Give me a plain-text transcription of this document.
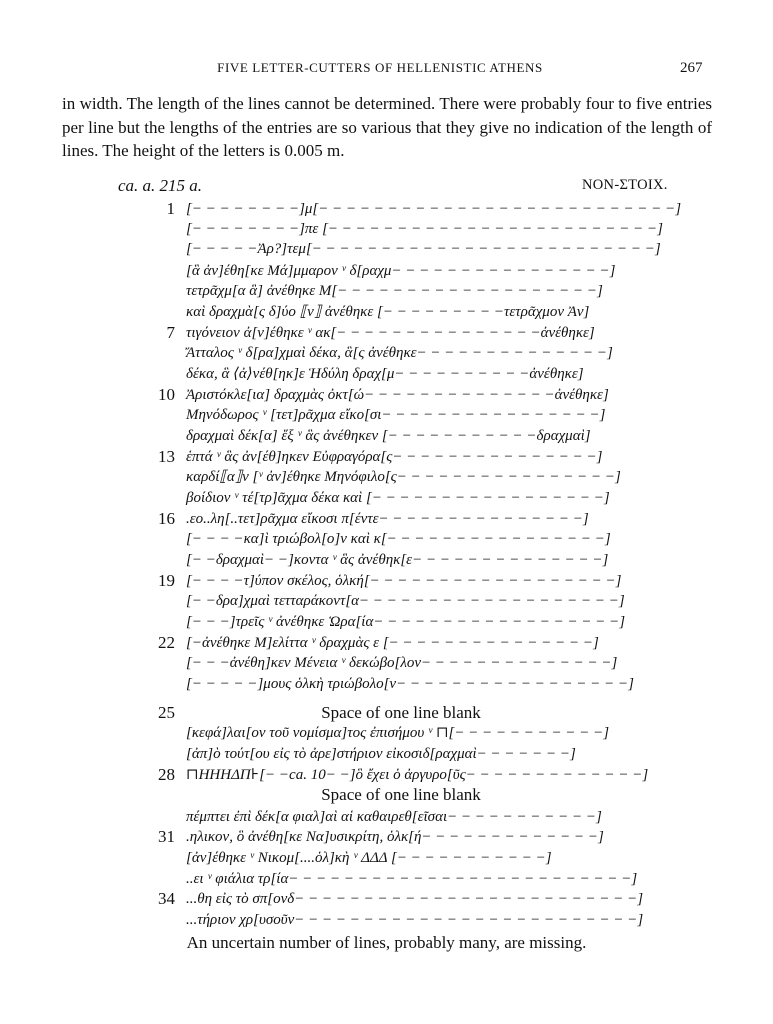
FIVE LETTER-CUTTERS OF HELLENISTIC ATHENS	267
in width. The length of the lines cannot be determined. There were probably four to five entries per line but the lengths of the entries are so various that they give no indication of the length of lines. The height of the letters is 0.005 m.
ca. a. 215 a.	NON-ΣΤΟΙΧ.
1
7
10
13
16
19
22
25
28
31
34
[− − − − − − − −]μ[− − − − − − − − − − − − − − − − − − − − − − − − − −]
[− − − − − − − −]πε [− − − − − − − − − − − − − − − − − − − − − − − −]
[− − − − −Ἀρ?]τεμ[− − − − − − − − − − − − − − − − − − − − − − − − −]
[ἃ ἀν]έθη[κε Μά]μμαρον ᵛ δ[ραχμ− − − − − − − − − − − − − − − −]
τετρᾶχμ[α ἃ] ἀνέθηκε Μ[− − − − − − − − − − − − − − − − − − −]
καὶ δραχμὰ[ς δ]ύο ⟦ν⟧ ἀνέθηκε [− − − − − − − − −τετρᾶχμον Ἀν]
τιγόνειον ἀ[ν]έθηκε ᵛ ακ[− − − − − − − − − − − − − − −ἀνέθηκε]
Ἄτταλος ᵛ δ[ρα]χμαὶ δέκα, ἃ[ς ἀνέθηκε− − − − − − − − − − − − − −]
δέκα, ἃ ⟨ἀ⟩νέθ[ηκ]ε Ἡδύλη δραχ[μ− − − − − − − − − −ἀνέθηκε]
Ἀριστόκλε[ια] δραχμὰς ὀκτ[ώ− − − − − − − − − − − − − −ἀνέθηκε]
Μηνόδωρος ᵛ [τετ]ρᾶχμα εἴκο[σι− − − − − − − − − − − − − − − −]
δραχμαὶ δέκ[α] ἕξ ᵛ ἃς ἀνέθηκεν [− − − − − − − − − − −δραχμαὶ]
ἑπτά ᵛ ἃς ἀν[έθ]ηκεν Εὐφραγόρα[ς− − − − − − − − − − − − − − −]
καρδί⟦α⟧ν [ᵛ ἀν]έθηκε Μηνόφιλο[ς− − − − − − − − − − − − − − − −]
βοίδιον ᵛ τέ[τρ]ᾶχμα δέκα καὶ [− − − − − − − − − − − − − − − − −]
.εο..λη[..τετ]ρᾶχμα εἴκοσι π[έντε− − − − − − − − − − − − − − −]
[− − − −κα]ὶ τριώβολ[ο]ν καὶ κ[− − − − − − − − − − − − − − − −]
[− −δραχμαὶ− −]κοντα ᵛ ἃς ἀνέθηκ[ε− − − − − − − − − − − − − −]
[− − − −τ]ύπον σκέλος, ὁλκή[− − − − − − − − − − − − − − − − − −]
[− −δρα]χμαὶ τετταράκοντ[α− − − − − − − − − − − − − − − − − − −]
[− − −]τρεῖς ᵛ ἀνέθηκε Ὡρα[ία− − − − − − − − − − − − − − − − − −]
[−ἀνέθηκε Μ]ελίττα ᵛ δραχμὰς ε [− − − − − − − − − − − − − − −]
[− − −ἀνέθη]κεν Μένεια ᵛ δεκώβο[λον− − − − − − − − − − − − − −]
[− − − − −]μους ὁλκὴ τριώβολο[ν− − − − − − − − − − − − − − − − −]
Space of one line blank
[κεφά]λαι[ον τοῦ νομίσμα]τος ἐπισήμου ᵛ ⊓[− − − − − − − − − − −]
[ἀπ]ὸ τούτ[ου εἰς τὸ ἀρε]στήριον εἰκοσιδ[ραχμαὶ− − − − − − −]
⊓ΗΗΗΔΠ⊦[− −ca. 10− −]ὃ ἔχει ὁ ἀργυρο[ῦς− − − − − − − − − − − − −]
Space of one line blank
πέμπτει ἐπὶ δέκ[α φιαλ]αὶ αἱ καθαιρεθ[εῖσαι− − − − − − − − − − −]
.ηλικον, ὃ ἀνέθη[κε Να]υσικρίτη, ὁλκ[ή− − − − − − − − − − − − −]
[ἀν]έθηκε ᵛ Νικομ[....ὁλ]κὴ ᵛ ΔΔΔ [− − − − − − − − − − −]
..ει ᵛ φιάλια τρ[ία− − − − − − − − − − − − − − − − − − − − − − − − −]
...θη εἰς τὸ σπ[ονδ− − − − − − − − − − − − − − − − − − − − − − − − −]
...τήριον χρ[υσοῦν− − − − − − − − − − − − − − − − − − − − − − − − −]
An uncertain number of lines, probably many, are missing.
